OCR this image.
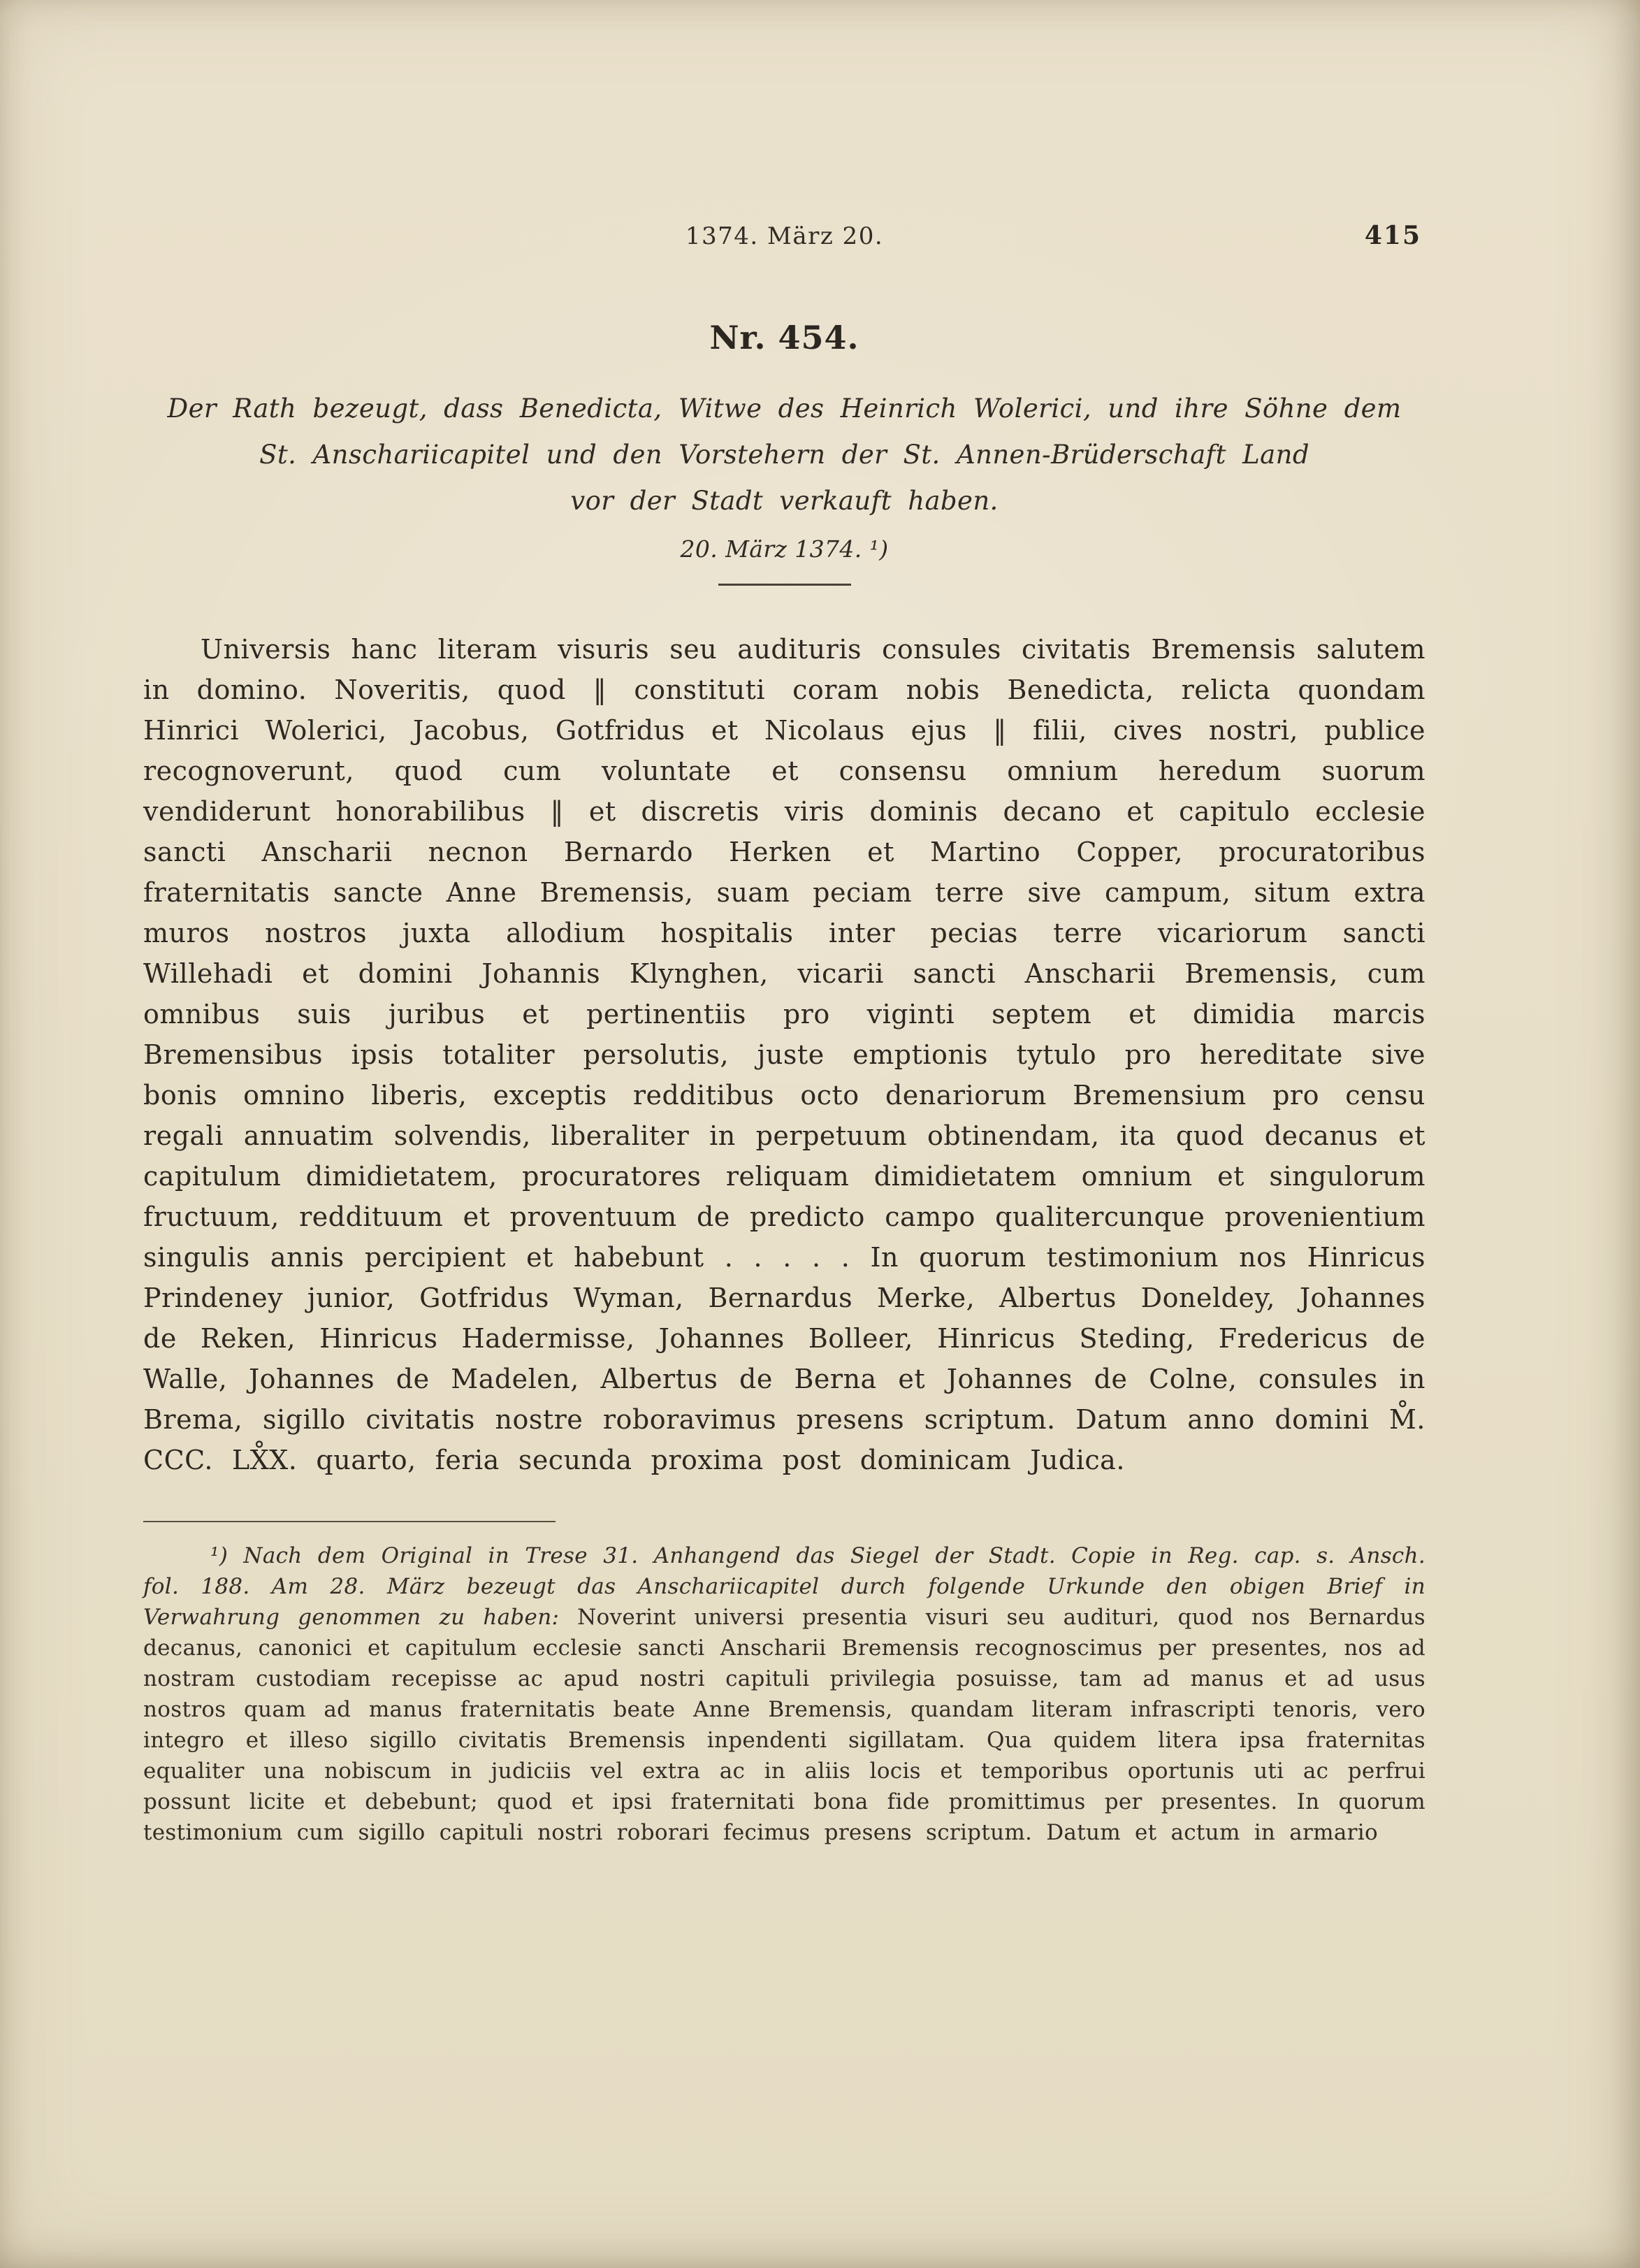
1374. März 20.	415
Nr. 454.
Der Rath bezeugt, dass Benedicta, Witwe des Heinrich Wolerici, und ihre Söhne dem
St. Anschariicapitel und den Vorstehern der St. Annen-Brüderschaft Land
vor der Stadt verkauft haben.
20. März 1374. ¹)

Universis hanc literam visuris seu audituris consules civitatis Bremensis salutem in domino. Noveritis, quod ‖ constituti coram nobis Benedicta, relicta quondam Hinrici Wolerici, Jacobus, Gotfridus et Nicolaus ejus ‖ filii, cives nostri, publice recognoverunt, quod cum voluntate et consensu omnium heredum suorum vendiderunt honorabilibus ‖ et discretis viris dominis decano et capitulo ecclesie sancti Anscharii necnon Bernardo Herken et Martino Copper, procuratoribus fraternitatis sancte Anne Bremensis, suam peciam terre sive campum, situm extra muros nostros juxta allodium hospitalis inter pecias terre vicariorum sancti Willehadi et domini Johannis Klynghen, vicarii sancti Anscharii Bremensis, cum omnibus suis juribus et pertinentiis pro viginti septem et dimidia marcis Bremensibus ipsis totaliter persolutis, juste emptionis tytulo pro hereditate sive bonis omnino liberis, exceptis redditibus octo denariorum Bremensium pro censu regali annuatim solvendis, liberaliter in perpetuum obtinendam, ita quod decanus et capitulum dimidietatem, procuratores reliquam dimidietatem omnium et singulorum fructuum, reddituum et proventuum de predicto campo qualitercunque provenientium singulis annis percipient et habebunt . . . . . In quorum testimonium nos Hinricus Prindeney junior, Gotfridus Wyman, Bernardus Merke, Albertus Doneldey, Johannes de Reken, Hinricus Hadermisse, Johannes Bolleer, Hinricus Steding, Fredericus de Walle, Johannes de Madelen, Albertus de Berna et Johannes de Colne, consules in Brema, sigillo civitatis nostre roboravimus presens scriptum. Datum anno domini M̊. CCC. LX̊X. quarto, feria secunda proxima post dominicam Judica.

¹) Nach dem Original in Trese 31. Anhangend das Siegel der Stadt. Copie in Reg. cap. s. Ansch. fol. 188. Am 28. März bezeugt das Anschariicapitel durch folgende Urkunde den obigen Brief in Verwahrung genommen zu haben: Noverint universi presentia visuri seu audituri, quod nos Bernardus decanus, canonici et capitulum ecclesie sancti Anscharii Bremensis recognoscimus per presentes, nos ad nostram custodiam recepisse ac apud nostri capituli privilegia posuisse, tam ad manus et ad usus nostros quam ad manus fraternitatis beate Anne Bremensis, quandam literam infrascripti tenoris, vero integro et illeso sigillo civitatis Bremensis inpendenti sigillatam. Qua quidem litera ipsa fraternitas equaliter una nobiscum in judiciis vel extra ac in aliis locis et temporibus oportunis uti ac perfrui possunt licite et debebunt; quod et ipsi fraternitati bona fide promittimus per presentes. In quorum testimonium cum sigillo capituli nostri roborari fecimus presens scriptum. Datum et actum in armario
